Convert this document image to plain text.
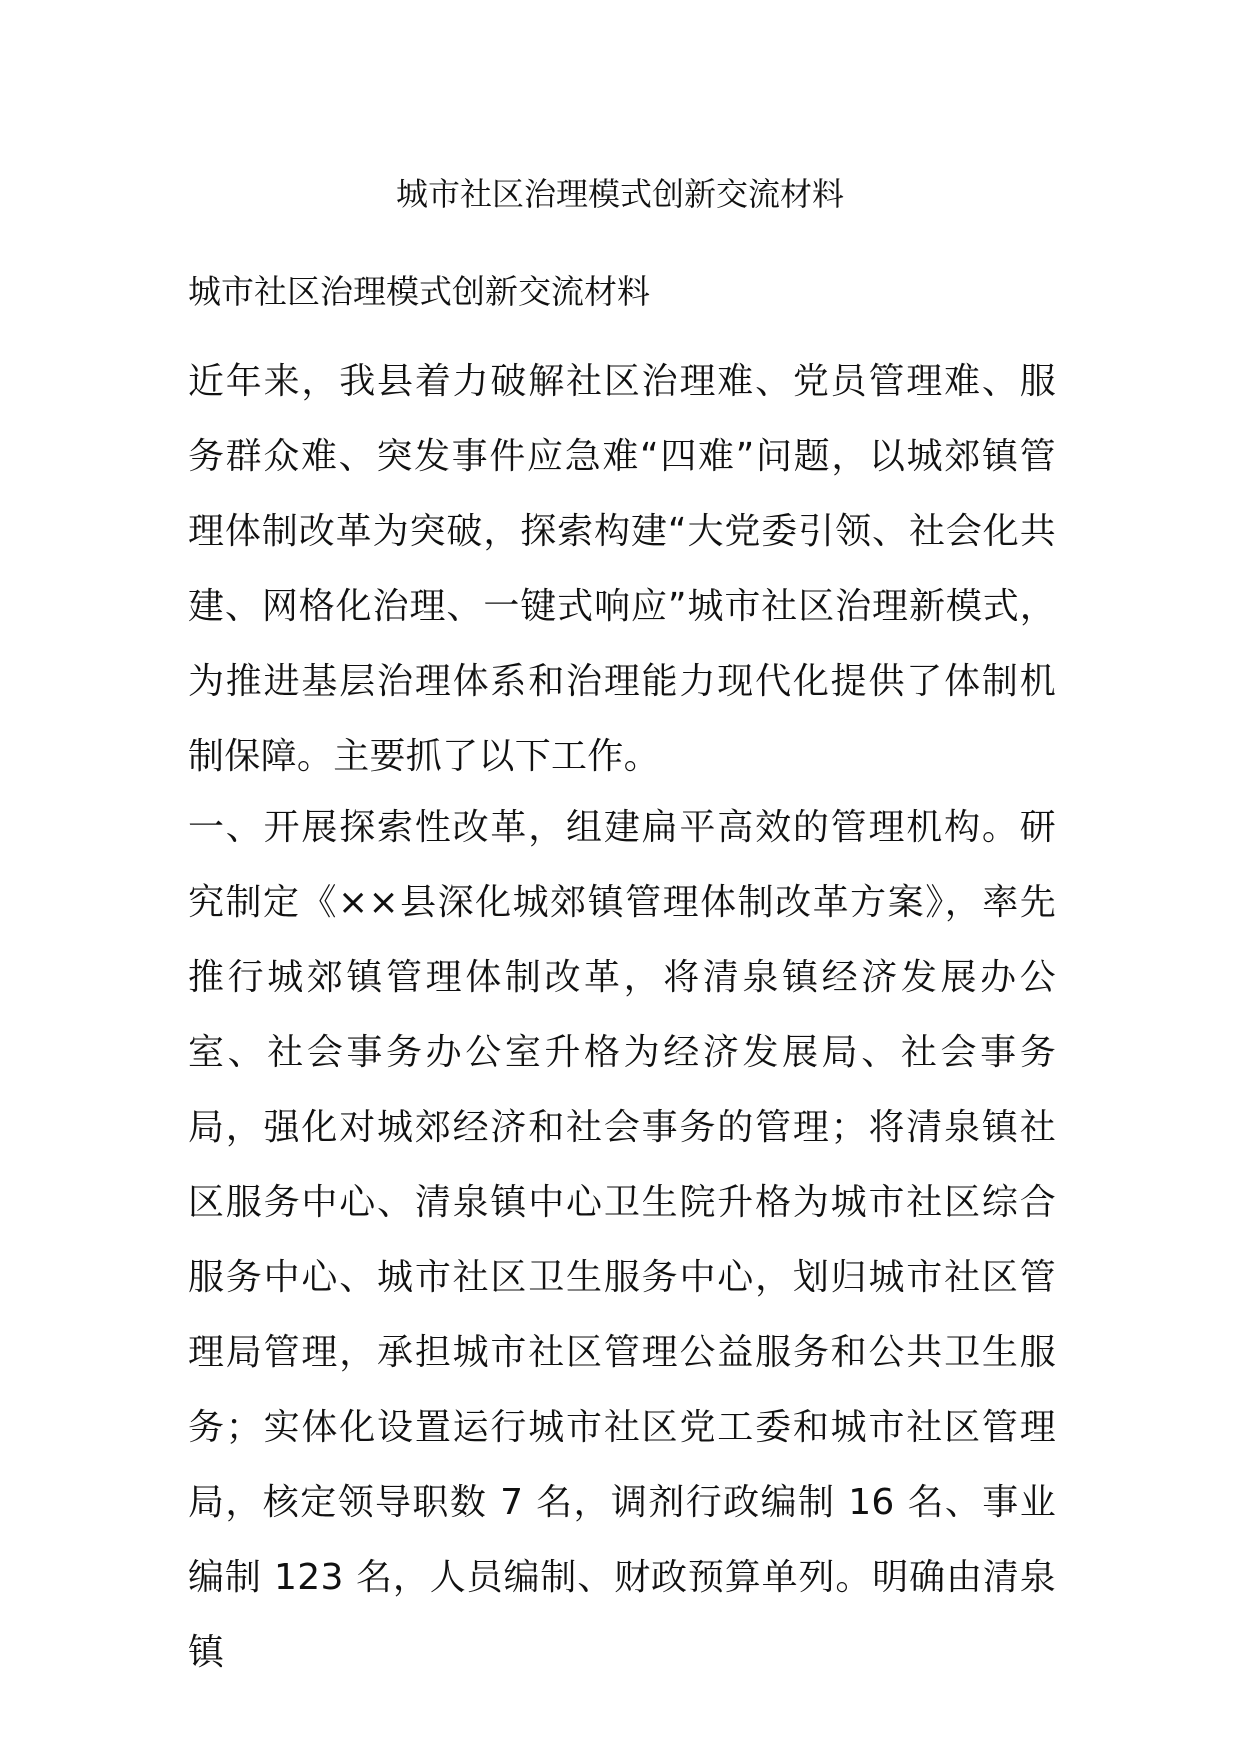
城市社区治理模式创新交流材料

城市社区治理模式创新交流材料

近年来，我县着力破解社区治理难、党员管理难、服务群众难、突发事件应急难“四难”问题，以城郊镇管理体制改革为突破，探索构建“大党委引领、社会化共建、网格化治理、一键式响应”城市社区治理新模式，为推进基层治理体系和治理能力现代化提供了体制机制保障。主要抓了以下工作。

一、开展探索性改革，组建扁平高效的管理机构。研究制定《××县深化城郊镇管理体制改革方案》，率先推行城郊镇管理体制改革，将清泉镇经济发展办公室、社会事务办公室升格为经济发展局、社会事务局，强化对城郊经济和社会事务的管理；将清泉镇社区服务中心、清泉镇中心卫生院升格为城市社区综合服务中心、城市社区卫生服务中心，划归城市社区管理局管理，承担城市社区管理公益服务和公共卫生服务；实体化设置运行城市社区党工委和城市社区管理局，核定领导职数 7 名，调剂行政编制 16 名、事业编制 123 名，人员编制、财政预算单列。明确由清泉镇
